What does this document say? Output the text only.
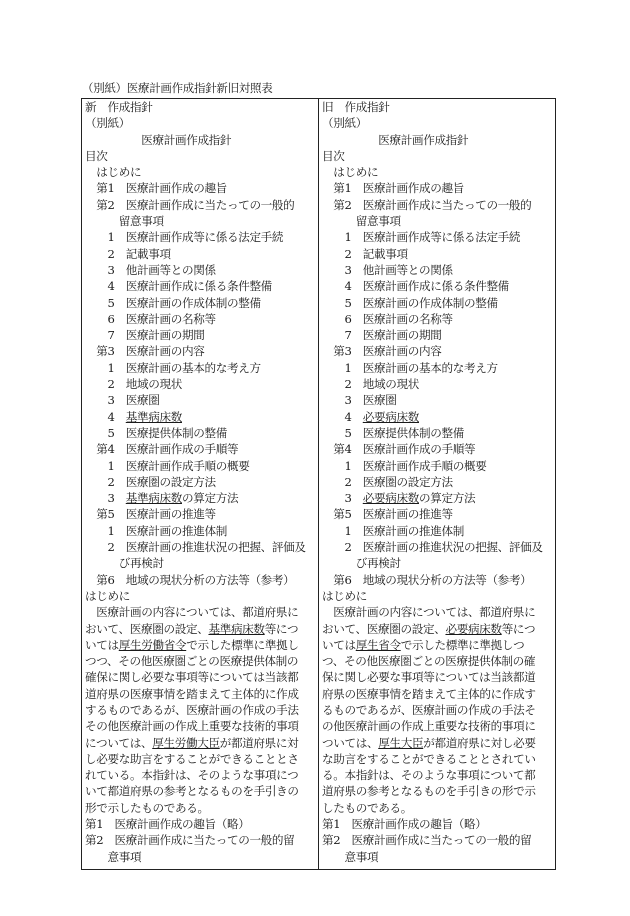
（別紙）医療計画作成指針新旧対照表
新　作成指針
（別紙）
　　　　　医療計画作成指針
目次
　はじめに
　第1　医療計画作成の趣旨
　第2　医療計画作成に当たっての一般的
　　　留意事項
　　1　医療計画作成等に係る法定手続
　　2　記載事項
　　3　他計画等との関係
　　4　医療計画作成に係る条件整備
　　5　医療計画の作成体制の整備
　　6　医療計画の名称等
　　7　医療計画の期間
　第3　医療計画の内容
　　1　医療計画の基本的な考え方
　　2　地域の現状
　　3　医療圏
　　4　基準病床数
　　5　医療提供体制の整備
　第4　医療計画作成の手順等
　　1　医療計画作成手順の概要
　　2　医療圏の設定方法
　　3　基準病床数の算定方法
　第5　医療計画の推進等
　　1　医療計画の推進体制
　　2　医療計画の推進状況の把握、評価及
　　　び再検討
　第6　地域の現状分析の方法等（参考）
はじめに
　医療計画の内容については、都道府県に
おいて、医療圏の設定、基準病床数等につ
いては厚生労働省令で示した標準に準拠し
つつ、その他医療圏ごとの医療提供体制の
確保に関し必要な事項等については当該都
道府県の医療事情を踏まえて主体的に作成
するものであるが、医療計画の作成の手法
その他医療計画の作成上重要な技術的事項
については、厚生労働大臣が都道府県に対
し必要な助言をすることができることとさ
れている。本指針は、そのような事項につ
いて都道府県の参考となるものを手引きの
形で示したものである。
第1　医療計画作成の趣旨（略）
第2　医療計画作成に当たっての一般的留
　　意事項

旧　作成指針
（別紙）
　　　　　医療計画作成指針
目次
　はじめに
　第1　医療計画作成の趣旨
　第2　医療計画作成に当たっての一般的
　　　留意事項
　　1　医療計画作成等に係る法定手続
　　2　記載事項
　　3　他計画等との関係
　　4　医療計画作成に係る条件整備
　　5　医療計画の作成体制の整備
　　6　医療計画の名称等
　　7　医療計画の期間
　第3　医療計画の内容
　　1　医療計画の基本的な考え方
　　2　地域の現状
　　3　医療圏
　　4　必要病床数
　　5　医療提供体制の整備
　第4　医療計画作成の手順等
　　1　医療計画作成手順の概要
　　2　医療圏の設定方法
　　3　必要病床数の算定方法
　第5　医療計画の推進等
　　1　医療計画の推進体制
　　2　医療計画の推進状況の把握、評価及
　　　び再検討
　第6　地域の現状分析の方法等（参考）
はじめに
　医療計画の内容については、都道府県に
おいて、医療圏の設定、必要病床数等につ
いては厚生省令で示した標準に準拠しつ
つ、その他医療圏ごとの医療提供体制の確
保に関し必要な事項等については当該都道
府県の医療事情を踏まえて主体的に作成す
るものであるが、医療計画の作成の手法そ
の他医療計画の作成上重要な技術的事項に
ついては、厚生大臣が都道府県に対し必要
な助言をすることができることとされてい
る。本指針は、そのような事項について都
道府県の参考となるものを手引きの形で示
したものである。
第1　医療計画作成の趣旨（略）
第2　医療計画作成に当たっての一般的留
　　意事項
